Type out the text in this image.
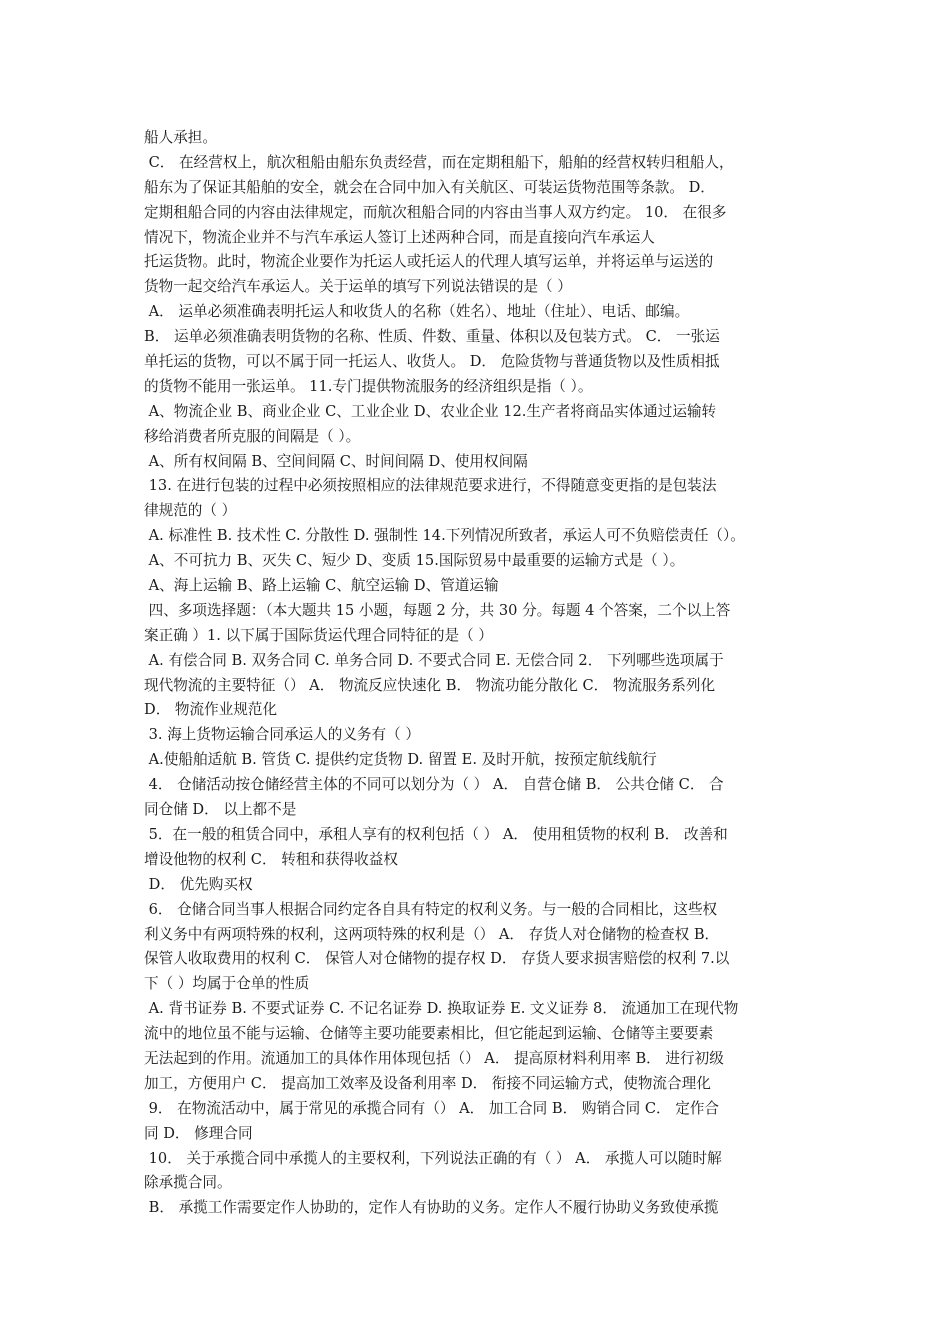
船人承担。
C． 在经营权上，航次租船由船东负责经营，而在定期租船下，船舶的经营权转归租船人，
船东为了保证其船舶的安全，就会在合同中加入有关航区、可装运货物范围等条款。 D．
定期租船合同的内容由法律规定，而航次租船合同的内容由当事人双方约定。 10． 在很多
情况下，物流企业并不与汽车承运人签订上述两种合同，而是直接向汽车承运人
托运货物。此时，物流企业要作为托运人或托运人的代理人填写运单，并将运单与运送的
货物一起交给汽车承运人。关于运单的填写下列说法错误的是（ ）
A． 运单必须准确表明托运人和收货人的名称（姓名）、地址（住址）、电话、邮编。
B． 运单必须准确表明货物的名称、性质、件数、重量、体积以及包装方式。 C． 一张运
单托运的货物，可以不属于同一托运人、收货人。 D． 危险货物与普通货物以及性质相抵
的货物不能用一张运单。 11.专门提供物流服务的经济组织是指（ ）。
A、物流企业 B、商业企业 C、工业企业 D、农业企业 12.生产者将商品实体通过运输转
移给消费者所克服的间隔是（ ）。
A、所有权间隔 B、空间间隔 C、时间间隔 D、使用权间隔
13. 在进行包装的过程中必须按照相应的法律规范要求进行，不得随意变更指的是包装法
律规范的（ ）
A. 标准性 B. 技术性 C. 分散性 D. 强制性 14.下列情况所致者，承运人可不负赔偿责任（）。
A、不可抗力 B、灭失 C、短少 D、变质 15.国际贸易中最重要的运输方式是（ ）。
A、海上运输 B、路上运输 C、航空运输 D、管道运输
四、多项选择题：（本大题共 15 小题，每题 2 分，共 30 分。每题 4 个答案，二个以上答
案正确 ）1. 以下属于国际货运代理合同特征的是（ ）
A. 有偿合同 B. 双务合同 C. 单务合同 D. 不要式合同 E. 无偿合同 2． 下列哪些选项属于
现代物流的主要特征（） A． 物流反应快速化 B． 物流功能分散化 C． 物流服务系列化
D． 物流作业规范化
3. 海上货物运输合同承运人的义务有（ ）
A.使船舶适航 B. 管货 C. 提供约定货物 D. 留置 E. 及时开航，按预定航线航行
4． 仓储活动按仓储经营主体的不同可以划分为（ ） A． 自营仓储 B． 公共仓储 C． 合
同仓储 D． 以上都不是
5．在一般的租赁合同中，承租人享有的权利包括（ ） A． 使用租赁物的权利 B． 改善和
增设他物的权利 C． 转租和获得收益权
D． 优先购买权
6． 仓储合同当事人根据合同约定各自具有特定的权利义务。与一般的合同相比，这些权
利义务中有两项特殊的权利，这两项特殊的权利是（） A． 存货人对仓储物的检查权 B．
保管人收取费用的权利 C． 保管人对仓储物的提存权 D． 存货人要求损害赔偿的权利 7.以
下（ ）均属于仓单的性质
A. 背书证券 B. 不要式证券 C. 不记名证券 D. 换取证券 E. 文义证券 8． 流通加工在现代物
流中的地位虽不能与运输、仓储等主要功能要素相比，但它能起到运输、仓储等主要要素
无法起到的作用。流通加工的具体作用体现包括（） A． 提高原材料利用率 B． 进行初级
加工，方便用户 C． 提高加工效率及设备利用率 D． 衔接不同运输方式，使物流合理化
9． 在物流活动中，属于常见的承揽合同有（） A． 加工合同 B． 购销合同 C． 定作合
同 D． 修理合同
10． 关于承揽合同中承揽人的主要权利，下列说法正确的有（ ） A． 承揽人可以随时解
除承揽合同。
B． 承揽工作需要定作人协助的，定作人有协助的义务。定作人不履行协助义务致使承揽
